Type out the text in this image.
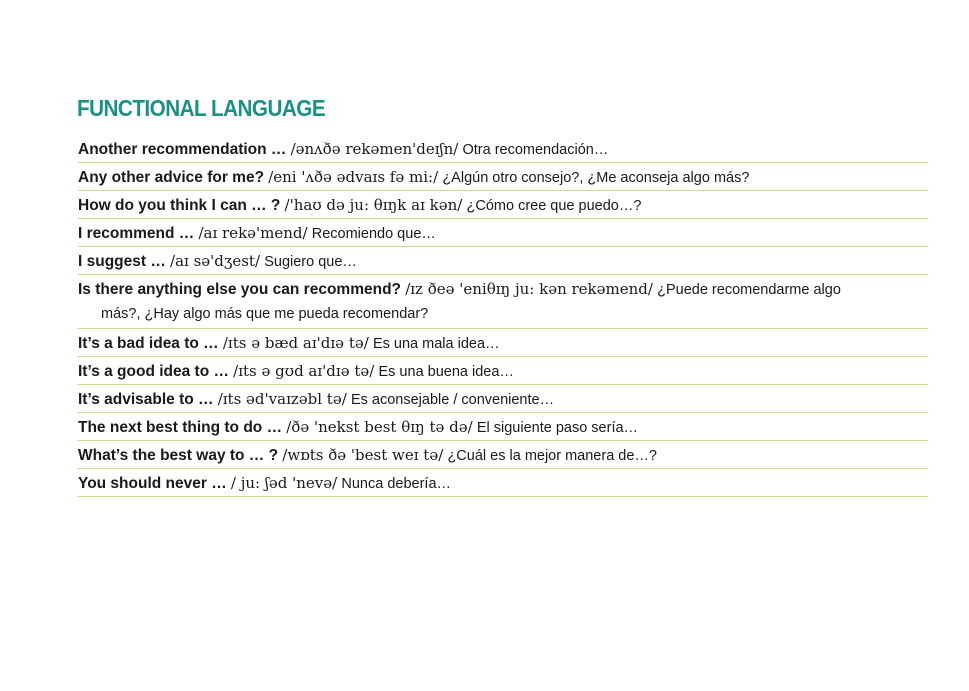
FUNCTIONAL LANGUAGE
Another recommendation … /ənʌðə rekəmen'deɪʃn/ Otra recomendación…
Any other advice for me? /eni 'ʌðə ədvaɪs fə mi:/ ¿Algún otro consejo?, ¿Me aconseja algo más?
How do you think I can … ? /'haʊ də ju: θɪŋk aɪ kən/ ¿Cómo cree que puedo…?
I recommend … /aɪ rekə'mend/ Recomiendo que…
I suggest … /aɪ sə'dʒest/ Sugiero que…
Is there anything else you can recommend? /ɪz ðeə 'eniθɪŋ ju: kən rekəmend/ ¿Puede recomendarme algo
más?, ¿Hay algo más que me pueda recomendar?
It’s a bad idea to … /ɪts ə bæd aɪ'dɪə tə/ Es una mala idea…
It’s a good idea to … /ɪts ə gʊd aɪ'dɪə tə/ Es una buena idea…
It’s advisable to … /ɪts əd'vaɪzəbl tə/ Es aconsejable / conveniente…
The next best thing to do … /ðə 'nekst best θɪŋ tə də/ El siguiente paso sería…
What’s the best way to … ? /wɒts ðə 'best weɪ tə/ ¿Cuál es la mejor manera de…?
You should never … / ju: ʃəd 'nevə/ Nunca debería…
